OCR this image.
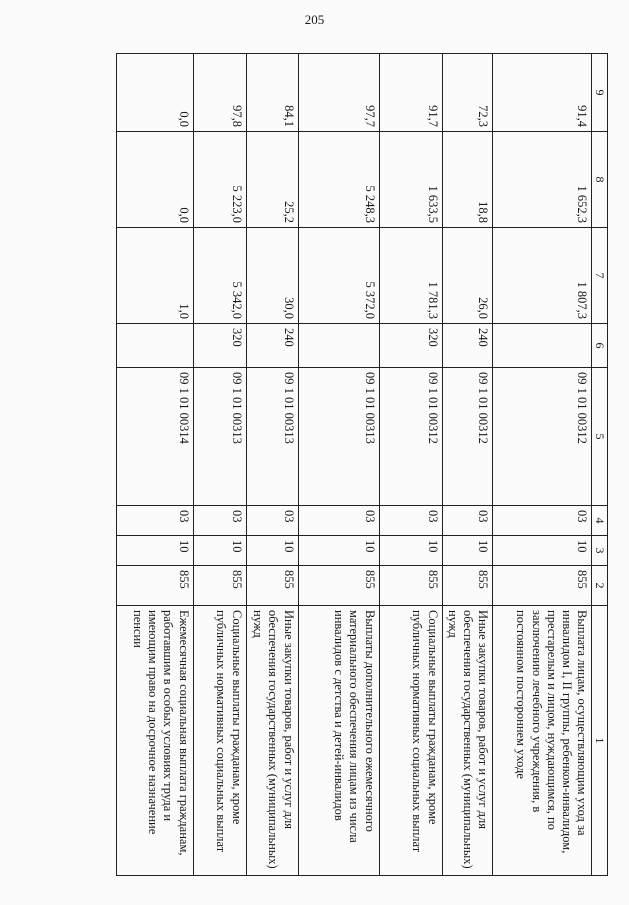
205
9	8	7	6	5	4	3	2	1
91,4	1 652,3	1 807,3		09 1 01 00312	03	10	855	Выплата лицам, осуществляющим уход за инвалидом I, II группы, ребенком-инвалидом, престарелым и лицом, нуждающимся, по заключению лечебного учреждения, в постоянном постороннем уходе
72,3	18,8	26,0	240	09 1 01 00312	03	10	855	Иные закупки товаров, работ и услуг для обеспечения государственных (муниципальных) нужд
91,7	1 633,5	1 781,3	320	09 1 01 00312	03	10	855	Социальные выплаты гражданам, кроме публичных нормативных социальных выплат
97,7	5 248,3	5 372,0		09 1 01 00313	03	10	855	Выплаты дополнительного ежемесячного материального обеспечения лицам из числа инвалидов с детства и детей-инвалидов
84,1	25,2	30,0	240	09 1 01 00313	03	10	855	Иные закупки товаров, работ и услуг для обеспечения государственных (муниципальных) нужд
97,8	5 223,0	5 342,0	320	09 1 01 00313	03	10	855	Социальные выплаты гражданам, кроме публичных нормативных социальных выплат
0,0	0,0	1,0		09 1 01 00314	03	10	855	Ежемесячная социальная выплата гражданам, работавшим в особых условиях труда и имеющим право на досрочное назначение пенсии
